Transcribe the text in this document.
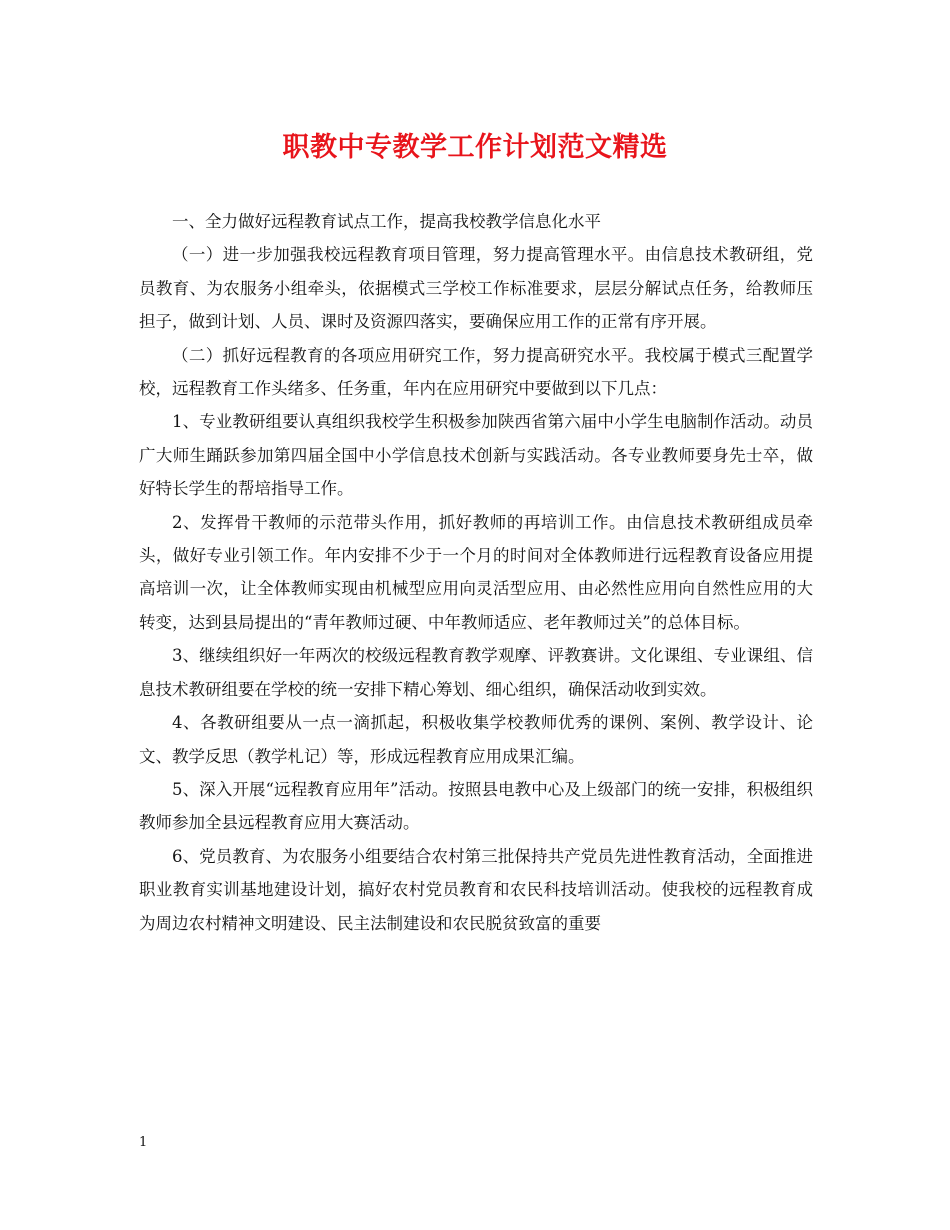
职教中专教学工作计划范文精选

一、全力做好远程教育试点工作，提高我校教学信息化水平

（一）进一步加强我校远程教育项目管理，努力提高管理水平。由信息技术教研组，党员教育、为农服务小组牵头，依据模式三学校工作标准要求，层层分解试点任务，给教师压担子，做到计划、人员、课时及资源四落实，要确保应用工作的正常有序开展。

（二）抓好远程教育的各项应用研究工作，努力提高研究水平。我校属于模式三配置学校，远程教育工作头绪多、任务重，年内在应用研究中要做到以下几点：

1、专业教研组要认真组织我校学生积极参加陕西省第六届中小学生电脑制作活动。动员广大师生踊跃参加第四届全国中小学信息技术创新与实践活动。各专业教师要身先士卒，做好特长学生的帮培指导工作。

2、发挥骨干教师的示范带头作用，抓好教师的再培训工作。由信息技术教研组成员牵头，做好专业引领工作。年内安排不少于一个月的时间对全体教师进行远程教育设备应用提高培训一次，让全体教师实现由机械型应用向灵活型应用、由必然性应用向自然性应用的大转变，达到县局提出的“青年教师过硬、中年教师适应、老年教师过关”的总体目标。

3、继续组织好一年两次的校级远程教育教学观摩、评教赛讲。文化课组、专业课组、信息技术教研组要在学校的统一安排下精心筹划、细心组织，确保活动收到实效。

4、各教研组要从一点一滴抓起，积极收集学校教师优秀的课例、案例、教学设计、论文、教学反思（教学札记）等，形成远程教育应用成果汇编。

5、深入开展“远程教育应用年”活动。按照县电教中心及上级部门的统一安排，积极组织教师参加全县远程教育应用大赛活动。

6、党员教育、为农服务小组要结合农村第三批保持共产党员先进性教育活动，全面推进职业教育实训基地建设计划，搞好农村党员教育和农民科技培训活动。使我校的远程教育成为周边农村精神文明建设、民主法制建设和农民脱贫致富的重要

1
